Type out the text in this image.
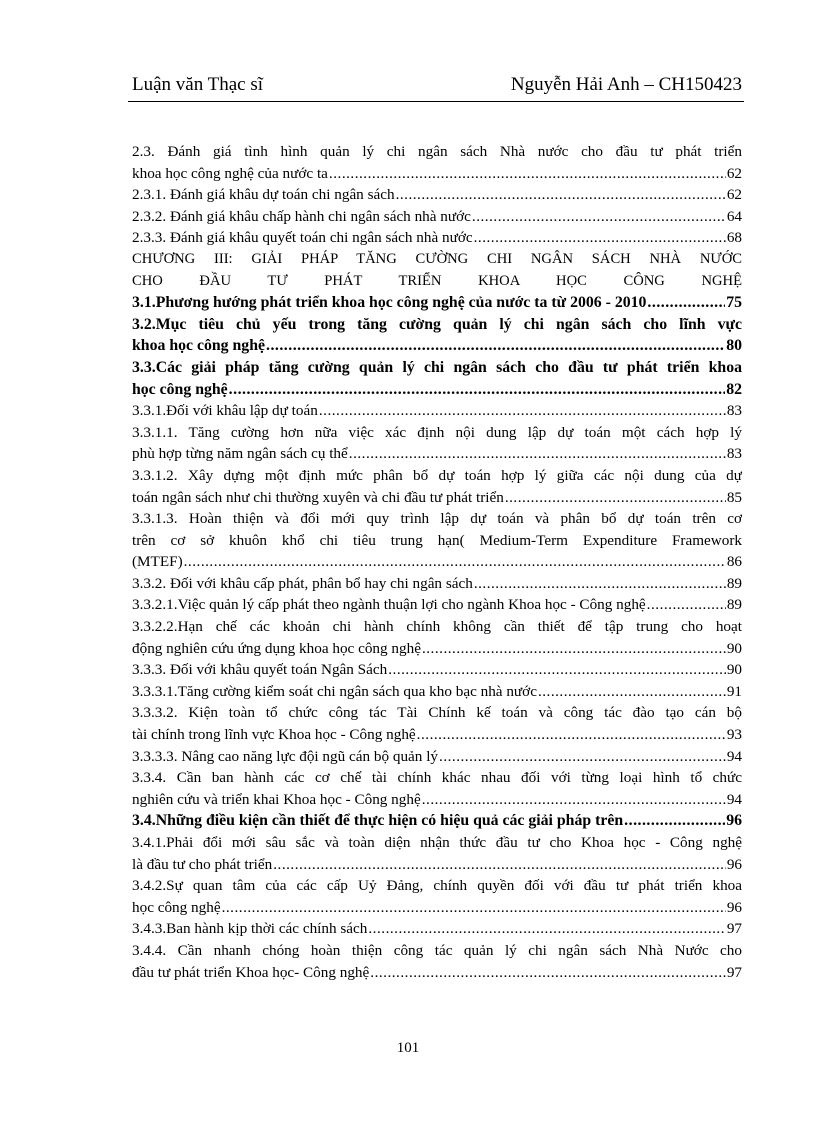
Luận văn Thạc sĩ	Nguyễn Hải Anh – CH150423
2.3. Đánh giá tình hình quản lý chi ngân sách Nhà nước cho đầu tư phát triển
khoa học công nghệ của nước ta .....	62
2.3.1. Đánh giá khâu dự toán chi ngân sách .....	62
2.3.2. Đánh giá khâu chấp hành chi ngân sách nhà nước .....	64
2.3.3. Đánh giá khâu quyết toán chi ngân sách nhà nước .....	68
CHƯƠNG III: GIẢI PHÁP TĂNG CƯỜNG CHI NGÂN SÁCH NHÀ NƯỚC
CHO ĐẦU TƯ PHÁT TRIỂN KHOA HỌC CÔNG NGHỆ
3.1.Phương hướng phát triển khoa học công nghệ của nước ta từ 2006 - 2010 .....	75
3.2.Mục tiêu chủ yếu trong tăng cường quản lý chi ngân sách cho lĩnh vực
khoa học công nghệ .....	80
3.3.Các giải pháp tăng cường quản lý chi ngân sách cho đầu tư phát triển khoa
học công nghệ .....	82
3.3.1.Đối với khâu lập dự toán .....	83
3.3.1.1. Tăng cường hơn nữa việc xác định nội dung lập dự toán một cách hợp lý
phù hợp từng năm ngân sách cụ thể .....	83
3.3.1.2. Xây dựng một định mức phân bổ dự toán hợp lý giữa các nội dung của dự
toán ngân sách như chi thường xuyên và chi đầu tư phát triển .....	85
3.3.1.3. Hoàn thiện và đổi mới quy trình lập dự toán và phân bổ dự toán trên cơ
trên cơ sở khuôn khổ chi tiêu trung hạn( Medium-Term Expenditure Framework
(MTEF) .....	86
3.3.2. Đối với khâu cấp phát, phân bổ hay chi ngân sách .....	89
3.3.2.1.Việc quản lý cấp phát theo ngành thuận lợi cho ngành Khoa học - Công nghệ .....	89
3.3.2.2.Hạn chế các khoản chi hành chính không cần thiết để tập trung cho hoạt
động nghiên cứu ứng dụng khoa học công nghệ .....	90
3.3.3. Đối với khâu quyết toán Ngân Sách .....	90
3.3.3.1.Tăng cường kiểm soát chi ngân sách qua kho bạc nhà nước .....	91
3.3.3.2. Kiện toàn tổ chức công tác Tài Chính kế toán và công tác đào tạo cán bộ
tài chính trong lĩnh vực Khoa học - Công nghệ .....	93
3.3.3.3. Nâng cao năng lực đội ngũ cán bộ quản lý .....	94
3.3.4. Cần ban hành các cơ chế tài chính khác nhau đối với từng loại hình tổ chức
nghiên cứu và triển khai Khoa học - Công nghệ .....	94
3.4.Những điều kiện cần thiết để thực hiện có hiệu quả các giải pháp trên .....	96
3.4.1.Phải đổi mới sâu sắc và toàn diện nhận thức đầu tư cho Khoa học - Công nghệ
là đầu tư cho phát triển .....	96
3.4.2.Sự quan tâm của các cấp Uỷ Đảng, chính quyền đối với đầu tư phát triển khoa
học công nghệ .....	96
3.4.3.Ban hành kịp thời các chính sách .....	97
3.4.4. Cần nhanh chóng hoàn thiện công tác quản lý chi ngân sách Nhà Nước cho
đầu tư phát triển Khoa học- Công nghệ .....	97
101
